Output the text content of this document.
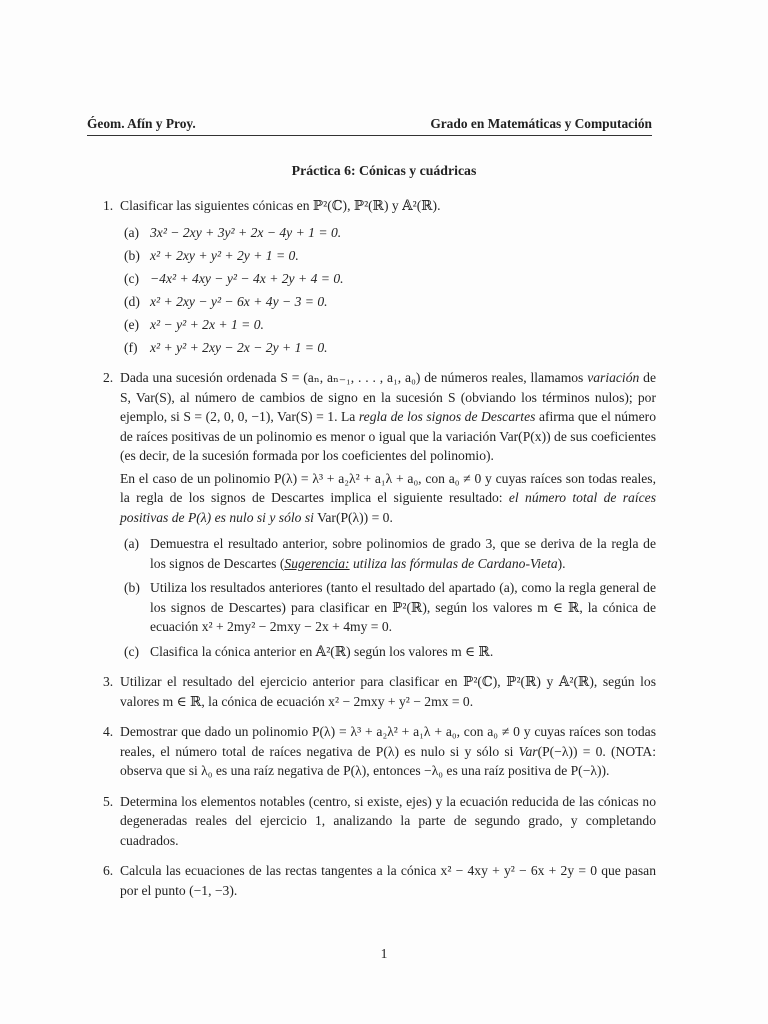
Ǵeom. Afín y Proy.	Grado en Matemáticas y Computación
Práctica 6: Cónicas y cuádricas
1. Clasificar las siguientes cónicas en ℙ²(ℂ), ℙ²(ℝ) y 𝔸²(ℝ).

(a) 3x² − 2xy + 3y² + 2x − 4y + 1 = 0.
(b) x² + 2xy + y² + 2y + 1 = 0.
(c) −4x² + 4xy − y² − 4x + 2y + 4 = 0.
(d) x² + 2xy − y² − 6x + 4y − 3 = 0.
(e) x² − y² + 2x + 1 = 0.
(f) x² + y² + 2xy − 2x − 2y + 1 = 0.
2. Dada una sucesión ordenada S = (aₙ, aₙ₋₁, . . . , a₁, a₀) de números reales, llamamos variación de S, Var(S), al número de cambios de signo en la sucesión S (obviando los términos nulos); por ejemplo, si S = (2, 0, 0, −1), Var(S) = 1. La regla de los signos de Descartes afirma que el número de raíces positivas de un polinomio es menor o igual que la variación Var(P(x)) de sus coeficientes (es decir, de la sucesión formada por los coeficientes del polinomio).

En el caso de un polinomio P(λ) = λ³ + a₂λ² + a₁λ + a₀, con a₀ ≠ 0 y cuyas raíces son todas reales, la regla de los signos de Descartes implica el siguiente resultado: el número total de raíces positivas de P(λ) es nulo si y sólo si Var(P(λ)) = 0.

(a) Demuestra el resultado anterior, sobre polinomios de grado 3, que se deriva de la regla de los signos de Descartes (Sugerencia: utiliza las fórmulas de Cardano-Vieta).
(b) Utiliza los resultados anteriores (tanto el resultado del apartado (a), como la regla general de los signos de Descartes) para clasificar en ℙ²(ℝ), según los valores m ∈ ℝ, la cónica de ecuación x² + 2my² − 2mxy − 2x + 4my = 0.
(c) Clasifica la cónica anterior en 𝔸²(ℝ) según los valores m ∈ ℝ.
3. Utilizar el resultado del ejercicio anterior para clasificar en ℙ²(ℂ), ℙ²(ℝ) y 𝔸²(ℝ), según los valores m ∈ ℝ, la cónica de ecuación x² − 2mxy + y² − 2mx = 0.

4. Demostrar que dado un polinomio P(λ) = λ³ + a₂λ² + a₁λ + a₀, con a₀ ≠ 0 y cuyas raíces son todas reales, el número total de raíces negativa de P(λ) es nulo si y sólo si Var(P(−λ)) = 0. (NOTA: observa que si λ₀ es una raíz negativa de P(λ), entonces −λ₀ es una raíz positiva de P(−λ)).

5. Determina los elementos notables (centro, si existe, ejes) y la ecuación reducida de las cónicas no degeneradas reales del ejercicio 1, analizando la parte de segundo grado, y completando cuadrados.

6. Calcula las ecuaciones de las rectas tangentes a la cónica x² − 4xy + y² − 6x + 2y = 0 que pasan por el punto (−1, −3).

1
